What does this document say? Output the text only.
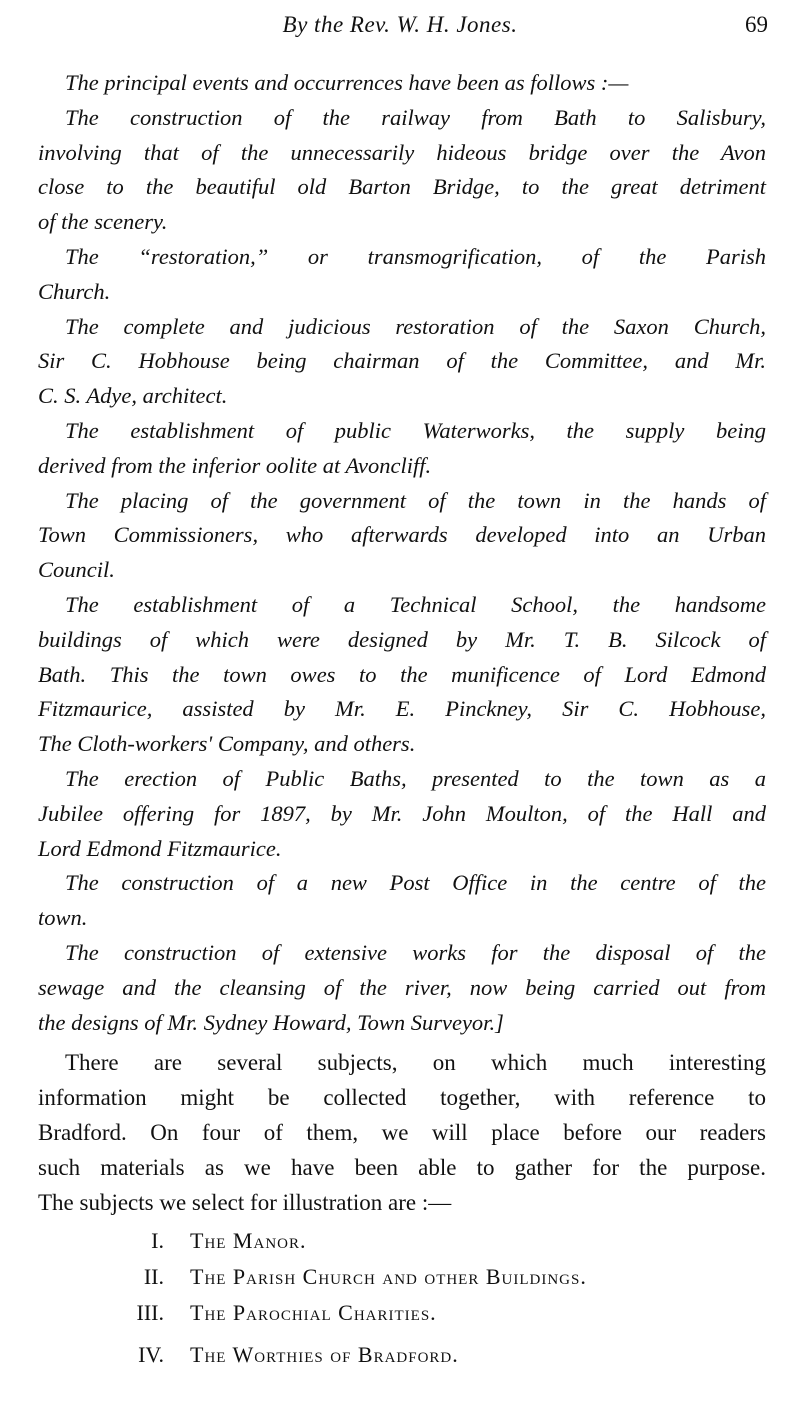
By the Rev. W. H. Jones.	69
The principal events and occurrences have been as follows :—
The construction of the railway from Bath to Salisbury,
involving that of the unnecessarily hideous bridge over the Avon
close to the beautiful old Barton Bridge, to the great detriment
of the scenery.
The “restoration,” or transmogrification, of the Parish
Church.
The complete and judicious restoration of the Saxon Church,
Sir C. Hobhouse being chairman of the Committee, and Mr.
C. S. Adye, architect.
The establishment of public Waterworks, the supply being
derived from the inferior oolite at Avoncliff.
The placing of the government of the town in the hands of
Town Commissioners, who afterwards developed into an Urban
Council.
The establishment of a Technical School, the handsome
buildings of which were designed by Mr. T. B. Silcock of
Bath. This the town owes to the munificence of Lord Edmond
Fitzmaurice, assisted by Mr. E. Pinckney, Sir C. Hobhouse,
The Cloth-workers' Company, and others.
The erection of Public Baths, presented to the town as a
Jubilee offering for 1897, by Mr. John Moulton, of the Hall and
Lord Edmond Fitzmaurice.
The construction of a new Post Office in the centre of the
town.
The construction of extensive works for the disposal of the
sewage and the cleansing of the river, now being carried out from
the designs of Mr. Sydney Howard, Town Surveyor.]
There are several subjects, on which much interesting
information might be collected together, with reference to
Bradford. On four of them, we will place before our readers
such materials as we have been able to gather for the purpose.
The subjects we select for illustration are :—
I. The Manor.
II. The Parish Church and other Buildings.
III. The Parochial Charities.
IV. The Worthies of Bradford.
